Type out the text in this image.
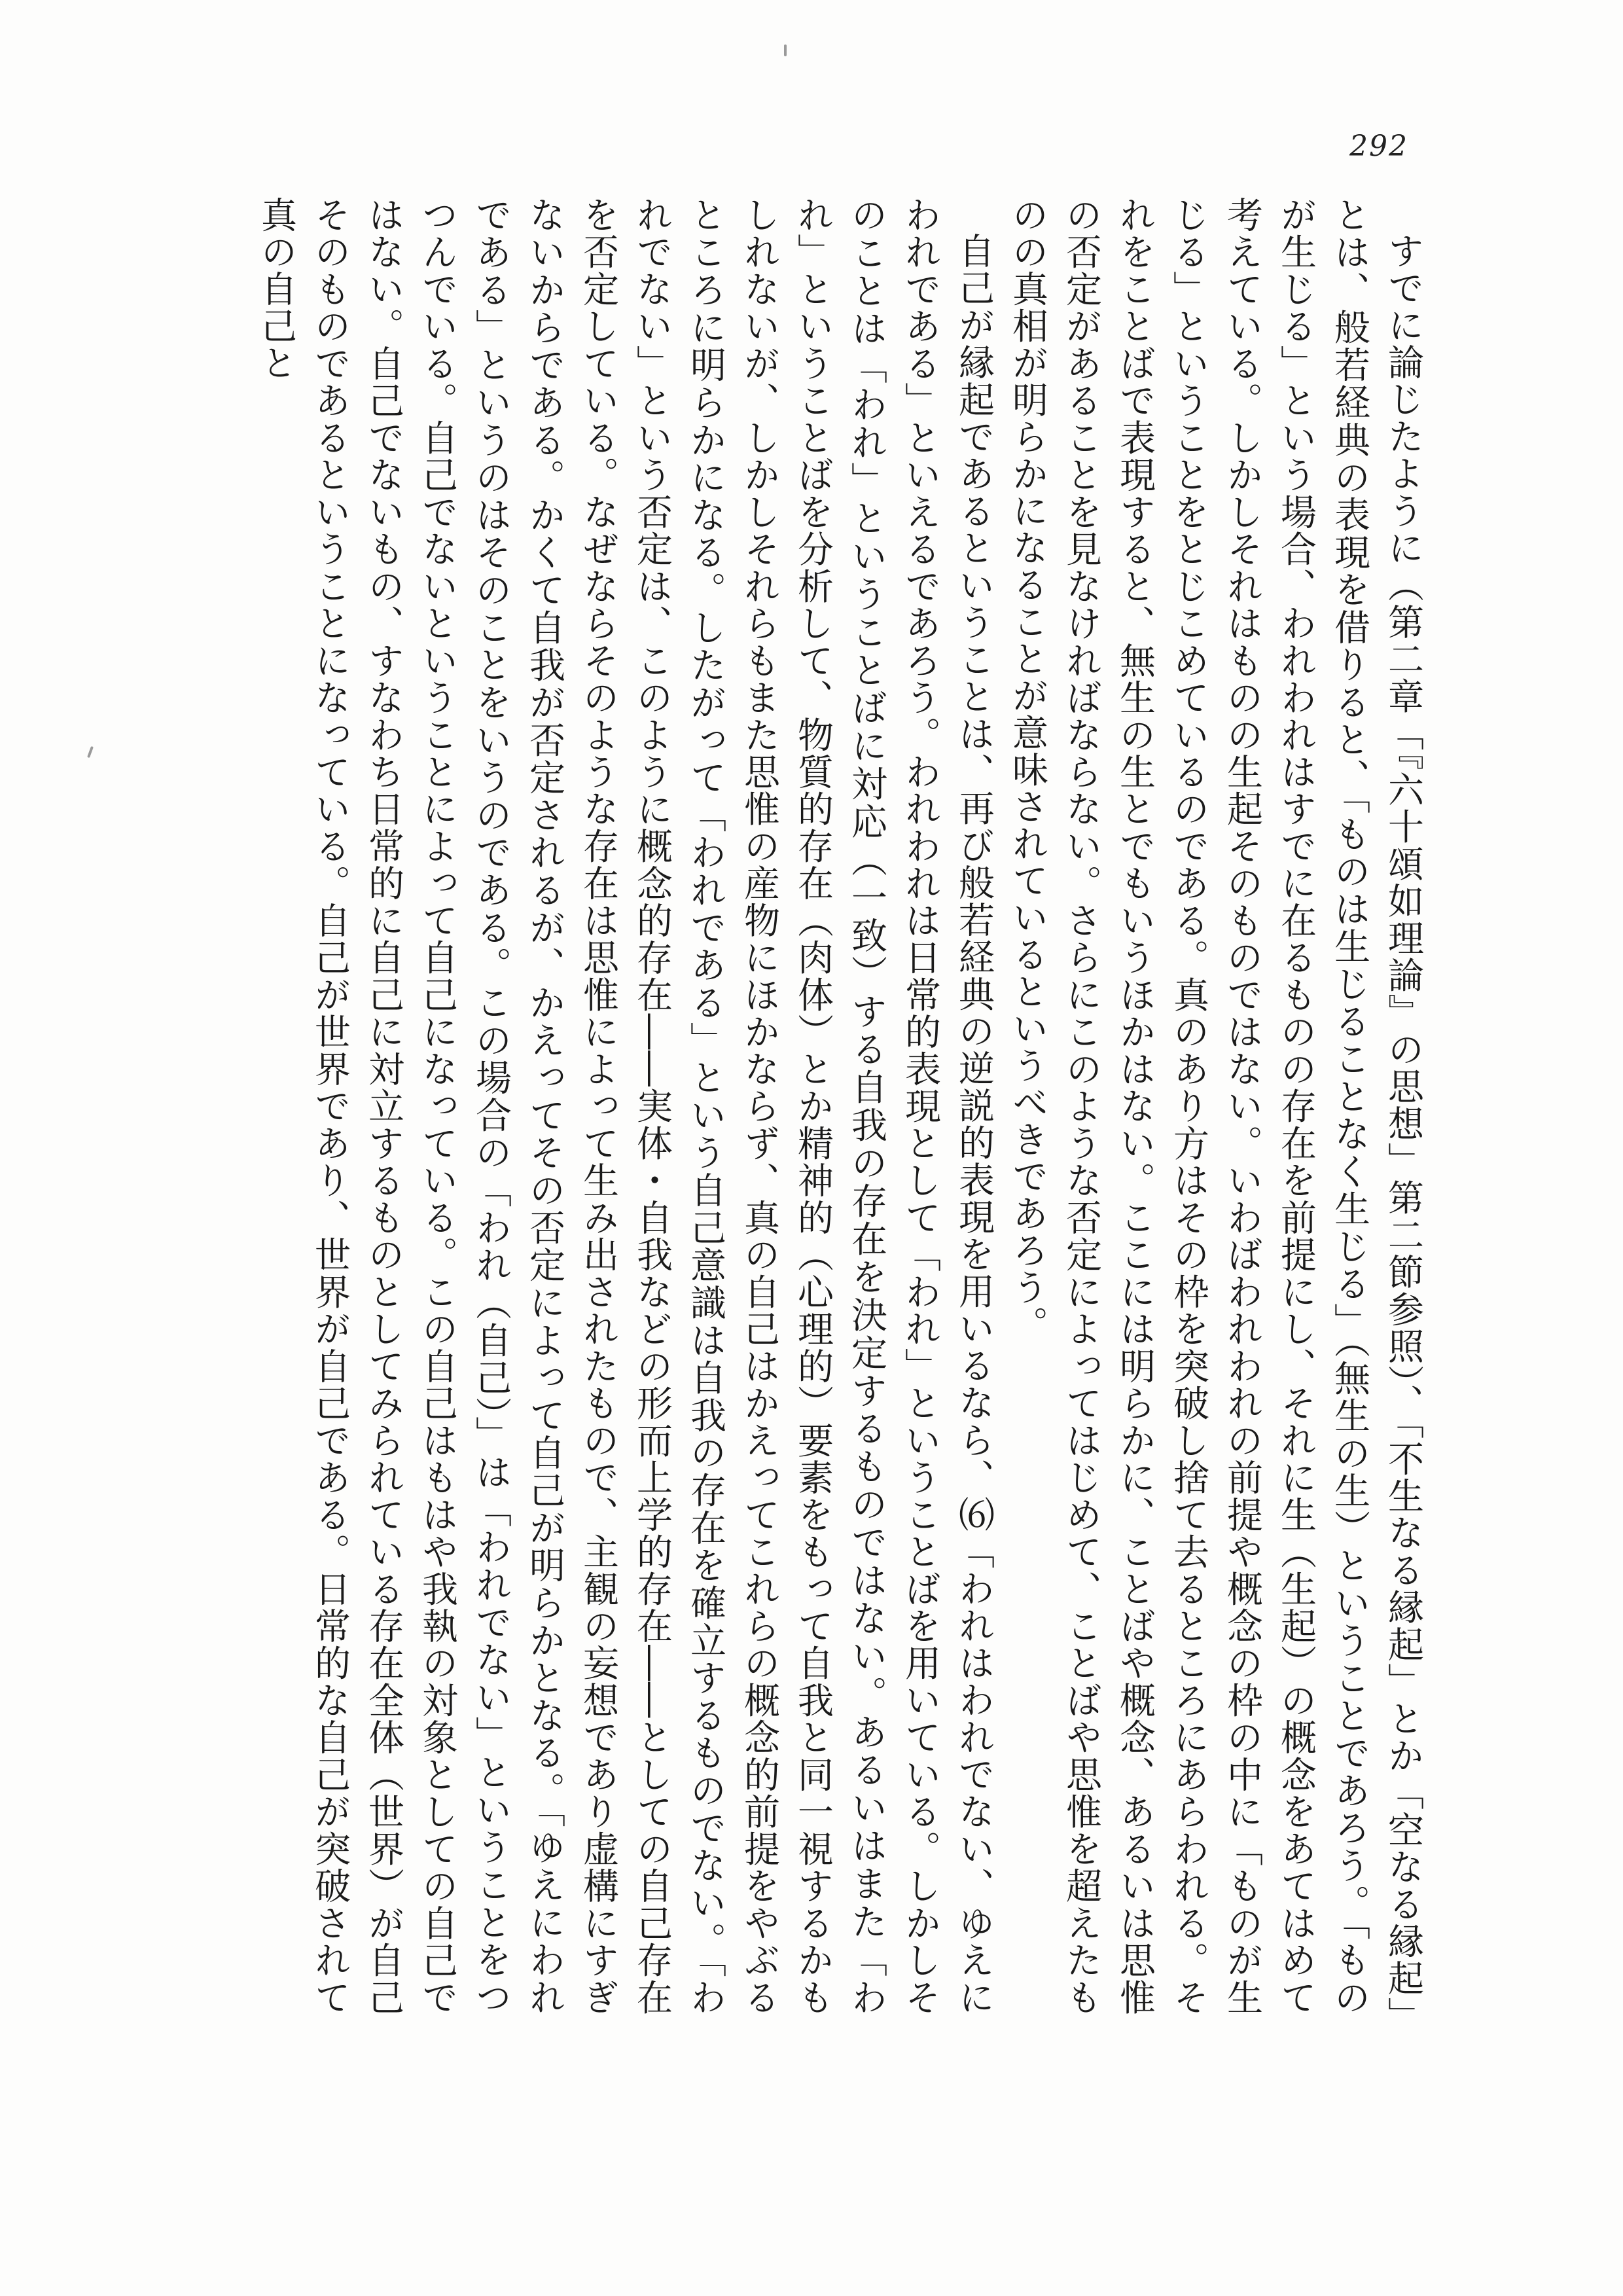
292

すでに論じたように（第二章「『六十頌如理論』の思想」第二節参照）、「不生なる縁起」とか「空なる縁起」とは、般若経典の表現を借りると、「ものは生じることなく生じる」（無生の生）ということであろう。「ものが生じる」という場合、われわれはすでに在るものの存在を前提にし、それに生（生起）の概念をあてはめて考えている。しかしそれはものの生起そのものではない。いわばわれわれの前提や概念の枠の中に「ものが生じる」ということをとじこめているのである。真のあり方はその枠を突破し捨て去るところにあらわれる。それをことばで表現すると、無生の生とでもいうほかはない。ここには明らかに、ことばや概念、あるいは思惟の否定があることを見なければならない。さらにこのような否定によってはじめて、ことばや思惟を超えたものの真相が明らかになることが意味されているというべきであろう。

自己が縁起であるということは、再び般若経典の逆説的表現を用いるなら、⑹「われはわれでない、ゆえにわれである」といえるであろう。われわれは日常的表現として「われ」ということばを用いている。しかしそのことは「われ」ということばに対応（一致）する自我の存在を決定するものではない。あるいはまた「われ」ということばを分析して、物質的存在（肉体）とか精神的（心理的）要素をもって自我と同一視するかもしれないが、しかしそれらもまた思惟の産物にほかならず、真の自己はかえってこれらの概念的前提をやぶるところに明らかになる。したがって「われである」という自己意識は自我の存在を確立するものでない。「われでない」という否定は、このように概念的存在――実体・自我などの形而上学的存在――としての自己存在を否定している。なぜならそのような存在は思惟によって生み出されたもので、主観の妄想であり虚構にすぎないからである。かくて自我が否定されるが、かえってその否定によって自己が明らかとなる。「ゆえにわれである」というのはそのことをいうのである。この場合の「われ（自己）」は「われでない」ということをつつんでいる。自己でないということによって自己になっている。この自己はもはや我執の対象としての自己ではない。自己でないもの、すなわち日常的に自己に対立するものとしてみられている存在全体（世界）が自己そのものであるということになっている。自己が世界であり、世界が自己である。日常的な自己が突破されて真の自己と
